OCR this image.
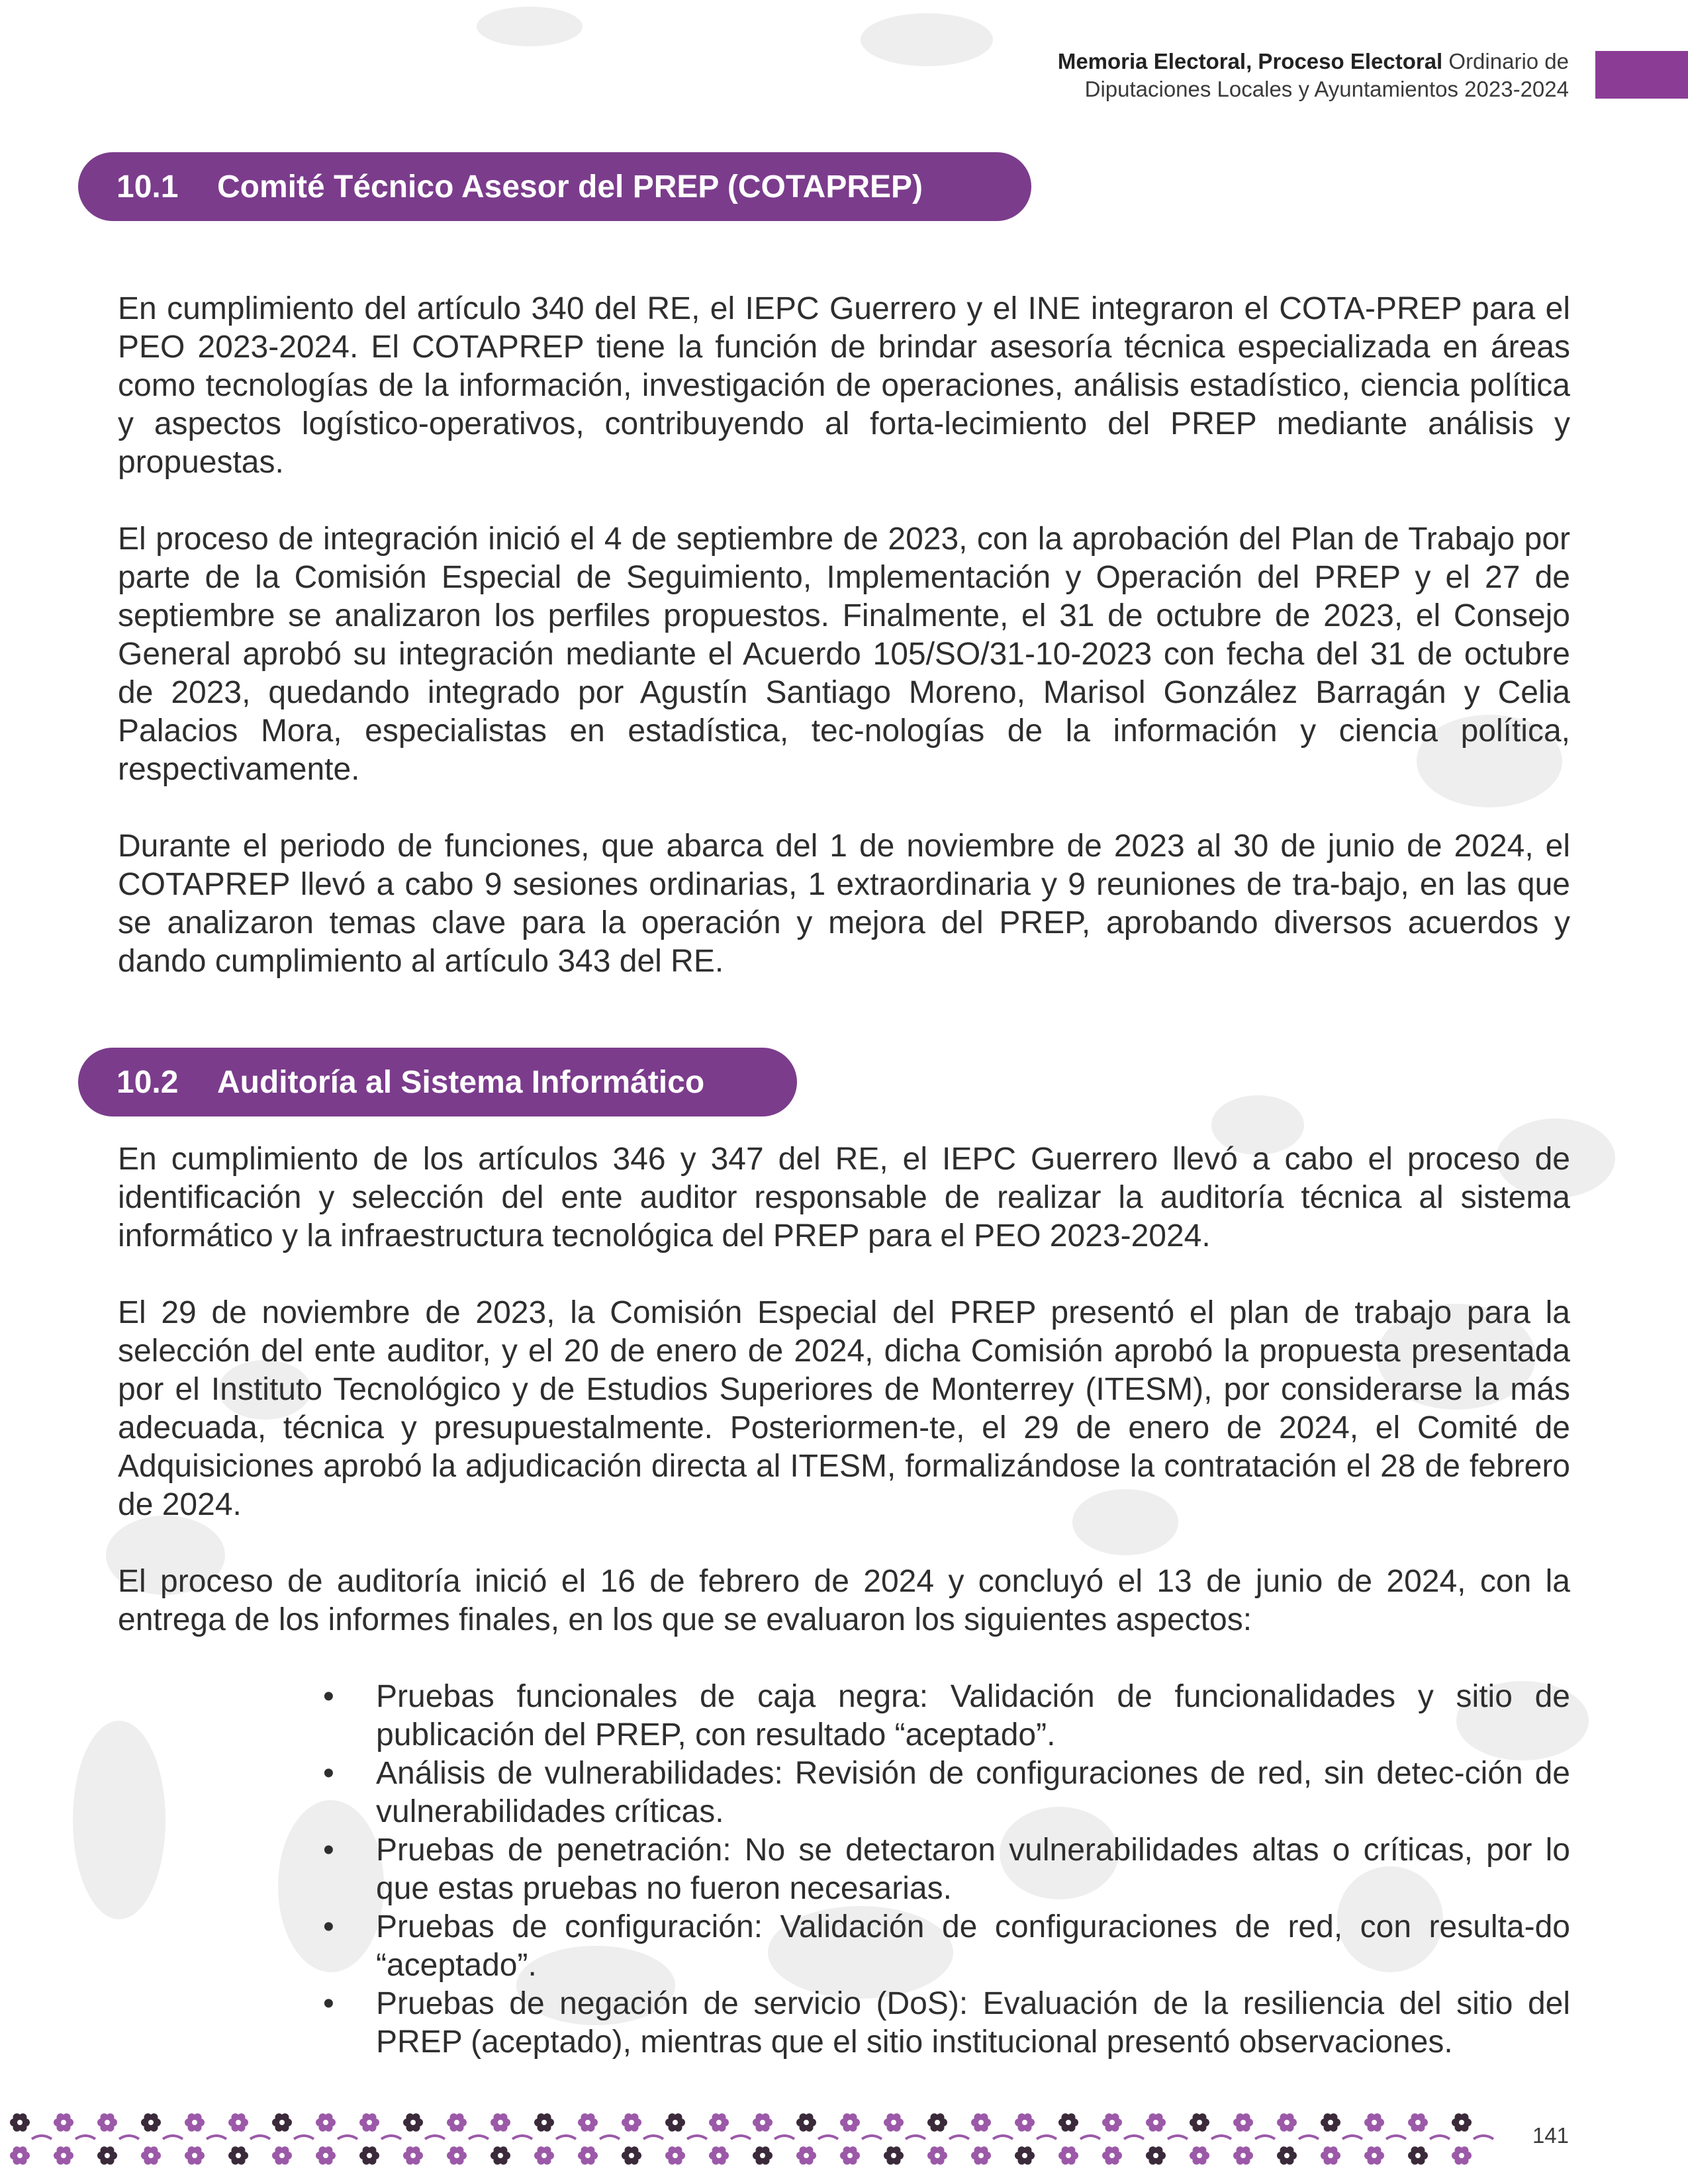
Memoria Electoral, Proceso Electoral Ordinario de
Diputaciones Locales y Ayuntamientos 2023-2024
10.1	Comité Técnico Asesor del PREP (COTAPREP)

En cumplimiento del artículo 340 del RE, el IEPC Guerrero y el INE integraron el COTA-PREP para el PEO 2023-2024. El COTAPREP tiene la función de brindar asesoría técnica especializada en áreas como tecnologías de la información, investigación de operaciones, análisis estadístico, ciencia política y aspectos logístico-operativos, contribuyendo al forta-lecimiento del PREP mediante análisis y propuestas.

El proceso de integración inició el 4 de septiembre de 2023, con la aprobación del Plan de Trabajo por parte de la Comisión Especial de Seguimiento, Implementación y Operación del PREP y el 27 de septiembre se analizaron los perfiles propuestos. Finalmente, el 31 de octubre de 2023, el Consejo General aprobó su integración mediante el Acuerdo 105/SO/31-10-2023 con fecha del 31 de octubre de 2023, quedando integrado por Agustín Santiago Moreno, Marisol González Barragán y Celia Palacios Mora, especialistas en estadística, tec-nologías de la información y ciencia política, respectivamente.

Durante el periodo de funciones, que abarca del 1 de noviembre de 2023 al 30 de junio de 2024, el COTAPREP llevó a cabo 9 sesiones ordinarias, 1 extraordinaria y 9 reuniones de tra-bajo, en las que se analizaron temas clave para la operación y mejora del PREP, aprobando diversos acuerdos y dando cumplimiento al artículo 343 del RE.

10.2	Auditoría al Sistema Informático

En cumplimiento de los artículos 346 y 347 del RE, el IEPC Guerrero llevó a cabo el proceso de identificación y selección del ente auditor responsable de realizar la auditoría técnica al sistema informático y la infraestructura tecnológica del PREP para el PEO 2023-2024.

El 29 de noviembre de 2023, la Comisión Especial del PREP presentó el plan de trabajo para la selección del ente auditor, y el 20 de enero de 2024, dicha Comisión aprobó la propuesta presentada por el Instituto Tecnológico y de Estudios Superiores de Monterrey (ITESM), por considerarse la más adecuada, técnica y presupuestalmente. Posteriormen-te, el 29 de enero de 2024, el Comité de Adquisiciones aprobó la adjudicación directa al ITESM, formalizándose la contratación el 28 de febrero de 2024.

El proceso de auditoría inició el 16 de febrero de 2024 y concluyó el 13 de junio de 2024, con la entrega de los informes finales, en los que se evaluaron los siguientes aspectos:

•	Pruebas funcionales de caja negra: Validación de funcionalidades y sitio de publicación del PREP, con resultado “aceptado”.
•	Análisis de vulnerabilidades: Revisión de configuraciones de red, sin detec-ción de vulnerabilidades críticas.
•	Pruebas de penetración: No se detectaron vulnerabilidades altas o críticas, por lo que estas pruebas no fueron necesarias.
•	Pruebas de configuración: Validación de configuraciones de red, con resulta-do “aceptado”.
•	Pruebas de negación de servicio (DoS): Evaluación de la resiliencia del sitio del PREP (aceptado), mientras que el sitio institucional presentó observaciones.
141
